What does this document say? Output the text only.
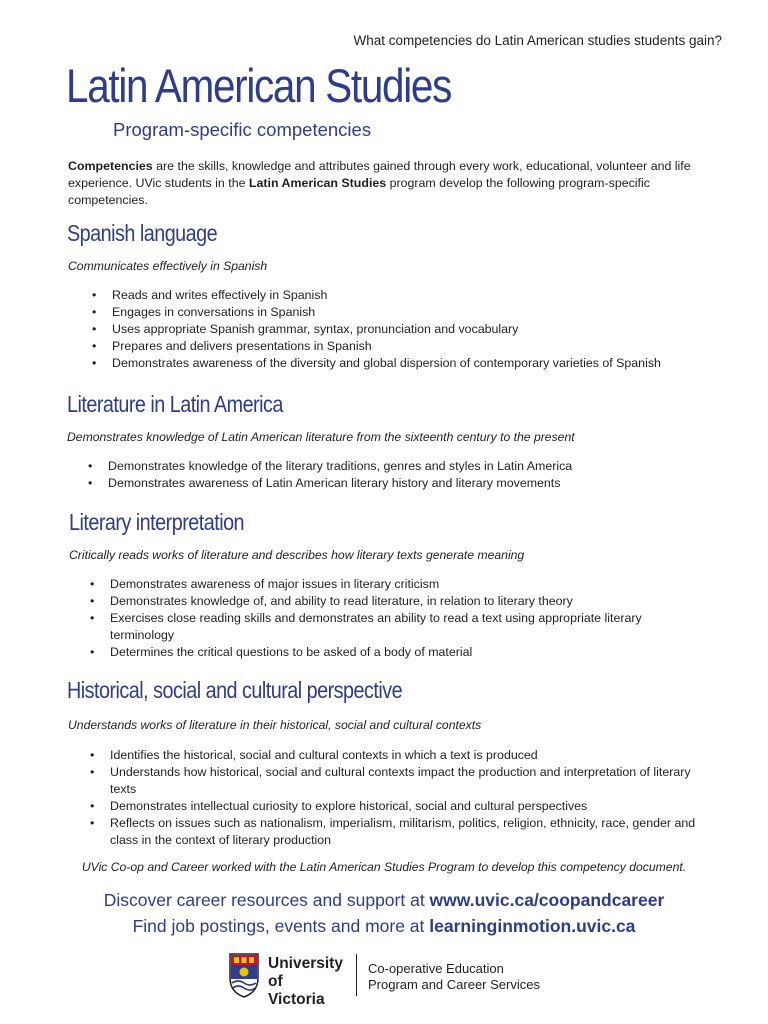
What competencies do Latin American studies students gain?
Latin American Studies
Program-specific competencies
Competencies are the skills, knowledge and attributes gained through every work, educational, volunteer and life experience. UVic students in the Latin American Studies program develop the following program-specific competencies.
Spanish language
Communicates effectively in Spanish
• Reads and writes effectively in Spanish
• Engages in conversations in Spanish
• Uses appropriate Spanish grammar, syntax, pronunciation and vocabulary
• Prepares and delivers presentations in Spanish
• Demonstrates awareness of the diversity and global dispersion of contemporary varieties of Spanish
Literature in Latin America
Demonstrates knowledge of Latin American literature from the sixteenth century to the present
• Demonstrates knowledge of the literary traditions, genres and styles in Latin America
• Demonstrates awareness of Latin American literary history and literary movements
Literary interpretation
Critically reads works of literature and describes how literary texts generate meaning
• Demonstrates awareness of major issues in literary criticism
• Demonstrates knowledge of, and ability to read literature, in relation to literary theory
• Exercises close reading skills and demonstrates an ability to read a text using appropriate literary terminology
• Determines the critical questions to be asked of a body of material
Historical, social and cultural perspective
Understands works of literature in their historical, social and cultural contexts
• Identifies the historical, social and cultural contexts in which a text is produced
• Understands how historical, social and cultural contexts impact the production and interpretation of literary texts
• Demonstrates intellectual curiosity to explore historical, social and cultural perspectives
• Reflects on issues such as nationalism, imperialism, militarism, politics, religion, ethnicity, race, gender and class in the context of literary production
UVic Co-op and Career worked with the Latin American Studies Program to develop this competency document.
Discover career resources and support at www.uvic.ca/coopandcareer
Find job postings, events and more at learninginmotion.uvic.ca
University
of Victoria
Co-operative Education
Program and Career Services
